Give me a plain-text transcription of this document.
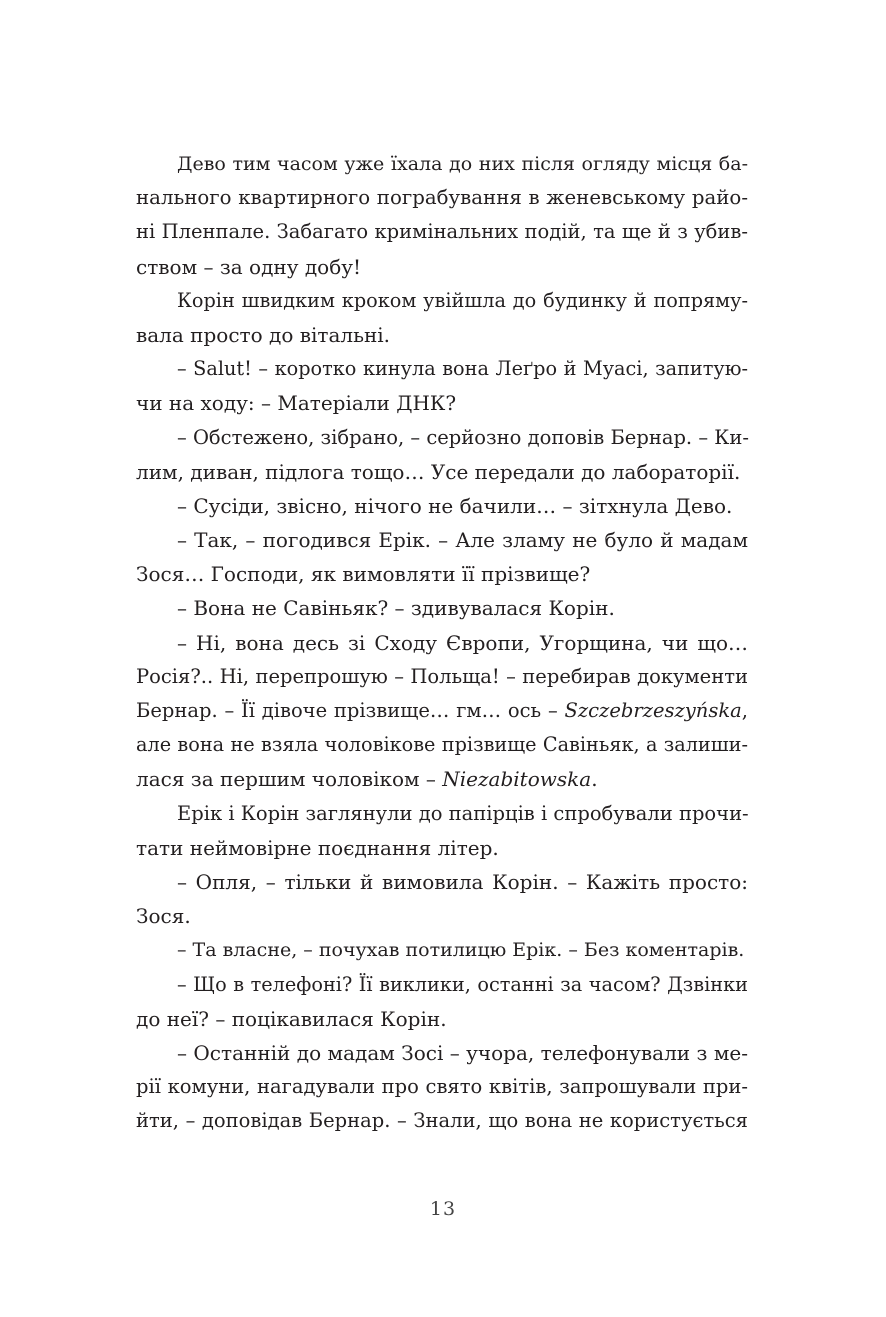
Дево тим часом уже їхала до них після огляду місця ба-
нального квартирного пограбування в женевському райо-
ні Пленпале. Забагато кримінальних подій, та ще й з убив-
ством – за одну добу!
Корін швидким кроком увійшла до будинку й попряму-
вала просто до вітальні.
– Salut! – коротко кинула вона Леґро й Муасі, запитую-
чи на ходу: – Матеріали ДНК?
– Обстежено, зібрано, – серйозно доповів Бернар. – Ки-
лим, диван, підлога тощо… Усе передали до лабораторії.
– Сусіди, звісно, нічого не бачили… – зітхнула Дево.
– Так, – погодився Ерік. – Але зламу не було й мадам
Зося… Господи, як вимовляти її прізвище?
– Вона не Савіньяк? – здивувалася Корін.
– Ні, вона десь зі Сходу Європи, Угорщина, чи що…
Росія?.. Ні, перепрошую – Польща! – перебирав документи
Бернар. – Її дівоче прізвище… гм… ось – Szczebrzeszyńska,
але вона не взяла чоловікове прізвище Савіньяк, а залиши-
лася за першим чоловіком – Niezabitowska.
Ерік і Корін заглянули до папірців і спробували прочи-
тати неймовірне поєднання літер.
– Опля, – тільки й вимовила Корін. – Кажіть просто:
Зося.
– Та власне, – почухав потилицю Ерік. – Без коментарів.
– Що в телефоні? Її виклики, останні за часом? Дзвінки
до неї? – поцікавилася Корін.
– Останній до мадам Зосі – учора, телефонували з ме-
рії комуни, нагадували про свято квітів, запрошували при-
йти, – доповідав Бернар. – Знали, що вона не користується
13
